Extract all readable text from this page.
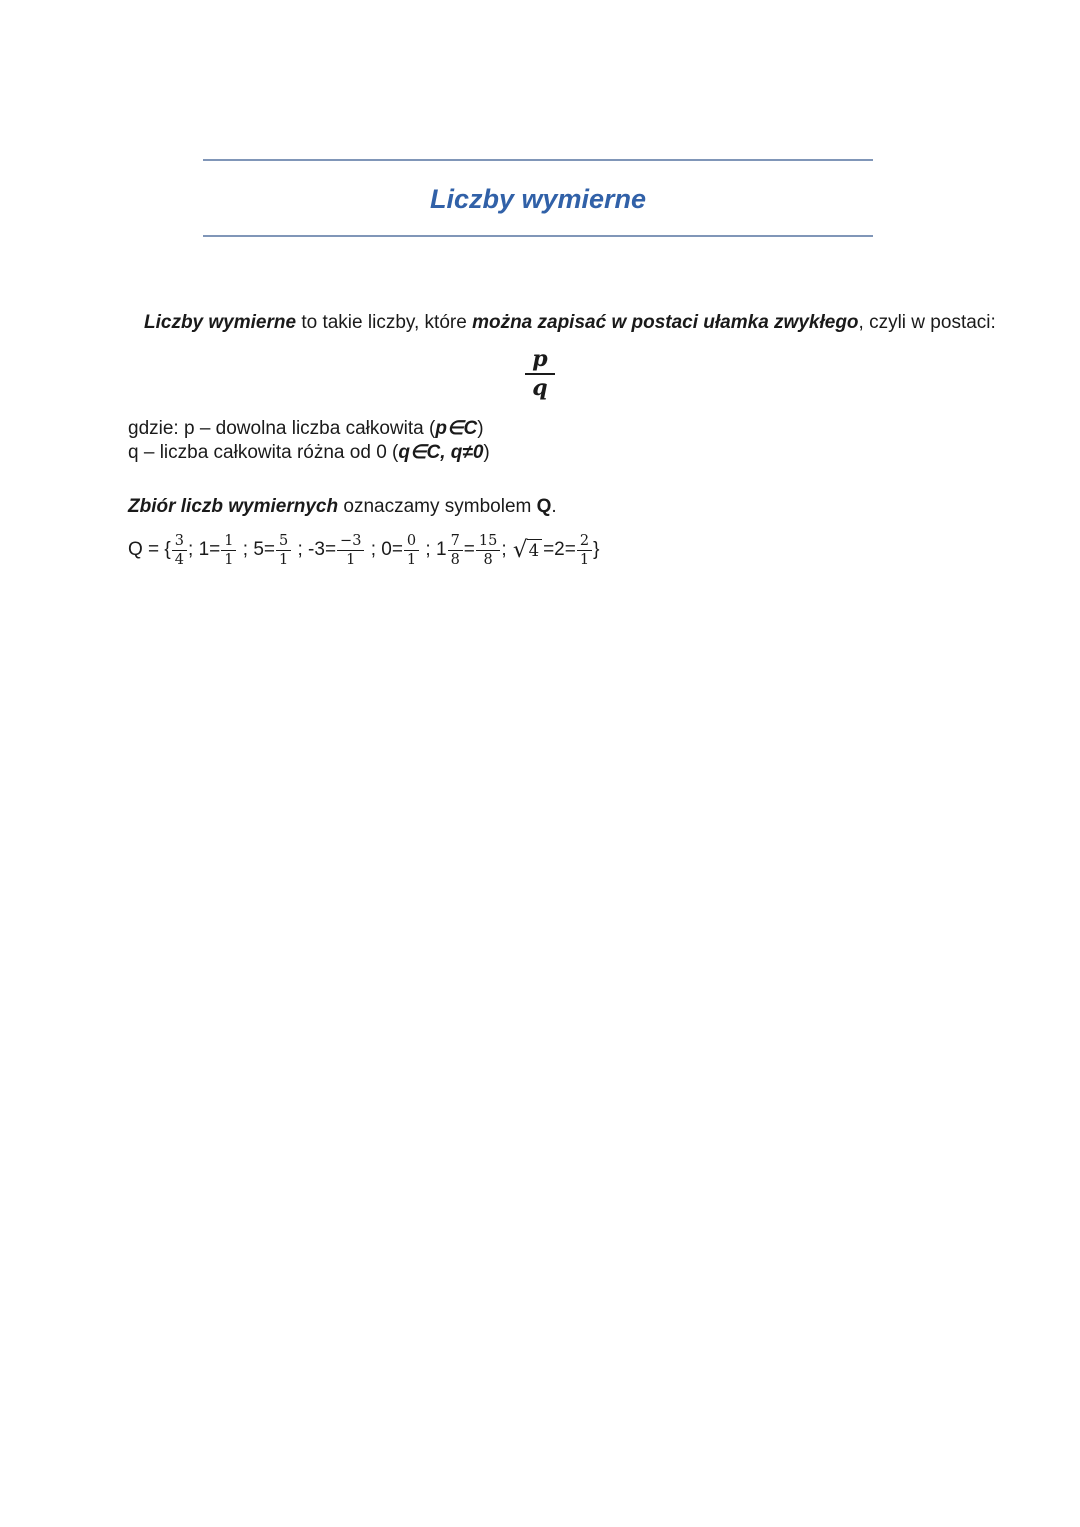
Liczby wymierne
Liczby wymierne to takie liczby, które można zapisać w postaci ułamka zwykłego, czyli w postaci:
$\frac{p}{q}$
gdzie: p – dowolna liczba całkowita (p∈C)
q – liczba całkowita różna od 0 (q∈C, q≠0)
Zbiór liczb wymiernych oznaczamy symbolem Q.
Q = { $\frac{3}{4}$ ; $1= \frac{1}{1}$ ; $5= \frac{5}{1}$ ; $-3= \frac{-3}{1}$ ; $0= \frac{0}{1}$ ; $1 \frac{7}{8} = \frac{15}{8}$ ; √ $4 =2= \frac{2}{1}$ }
